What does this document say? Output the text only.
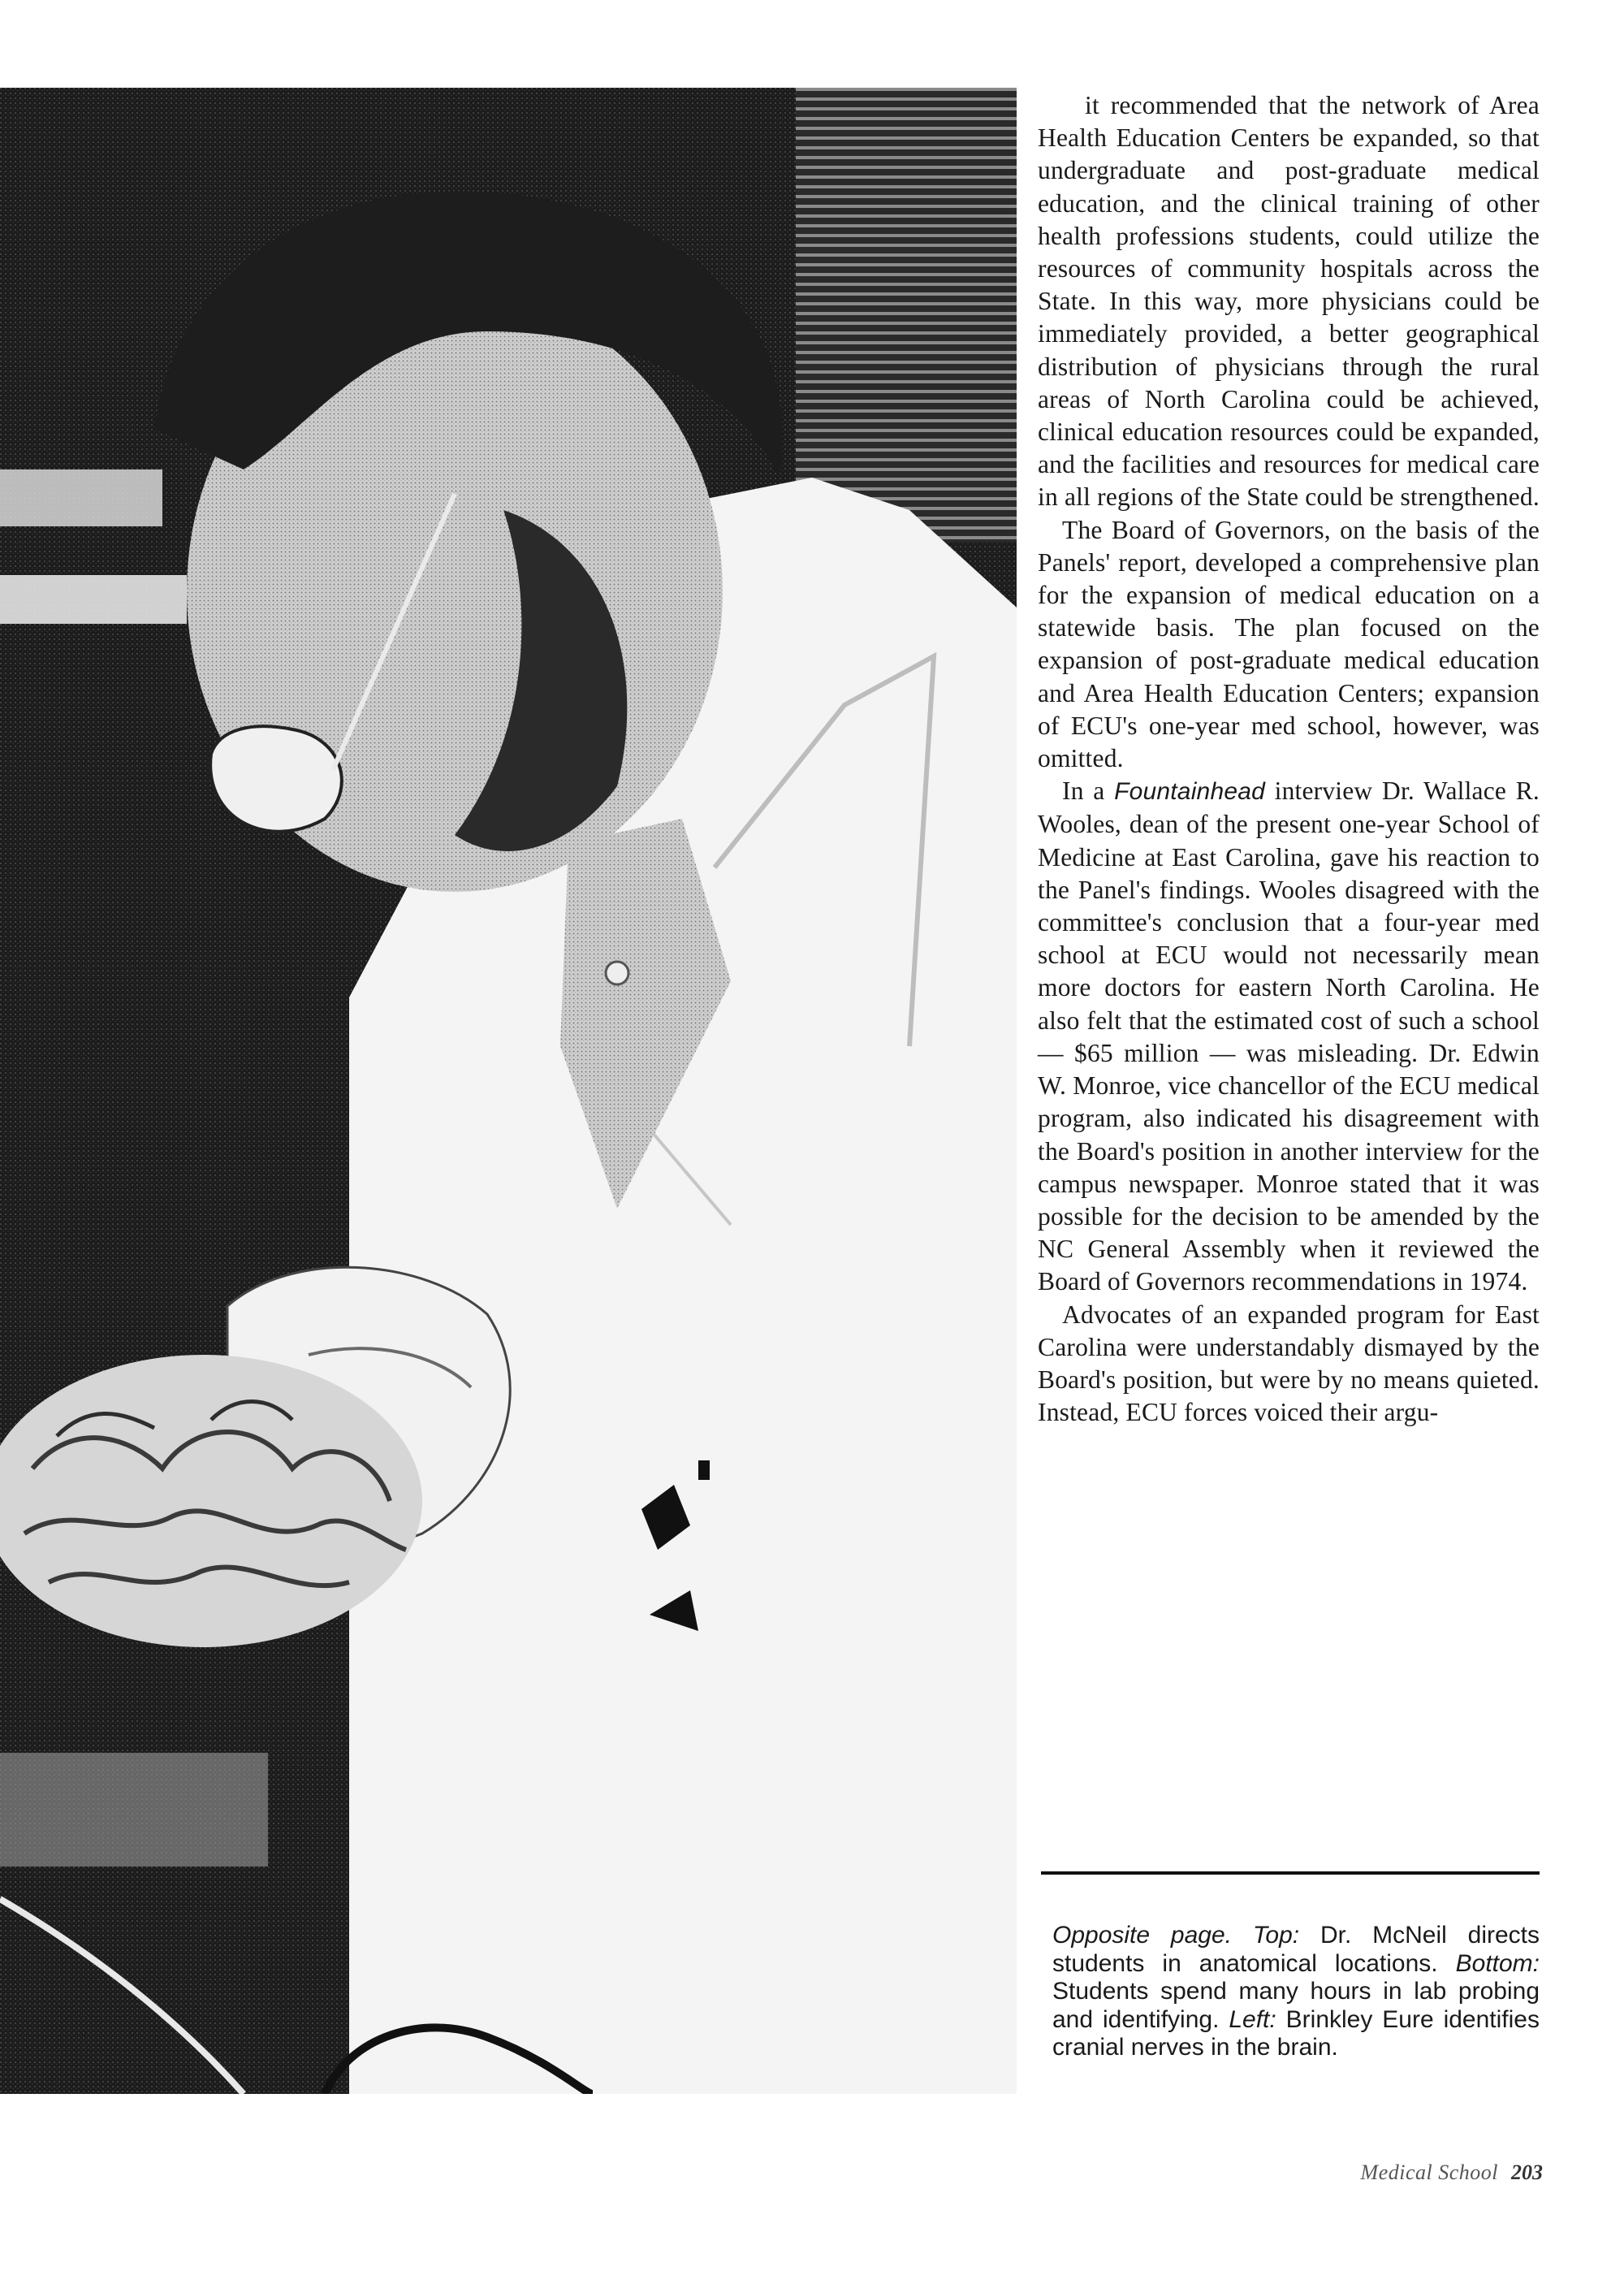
it recommended that the network of Area Health Education Centers be expanded, so that undergraduate and post-graduate medical education, and the clinical training of other health professions students, could utilize the resources of community hospitals across the State. In this way, more physicians could be immediately provided, a better geographical distribution of physicians through the rural areas of North Carolina could be achieved, clinical education resources could be expanded, and the facilities and resources for medical care in all regions of the State could be strengthened.

The Board of Governors, on the basis of the Panels' report, developed a comprehensive plan for the expansion of medical education on a statewide basis. The plan focused on the expansion of post-graduate medical education and Area Health Education Centers; expansion of ECU's one-year med school, however, was omitted.

In a Fountainhead interview Dr. Wallace R. Wooles, dean of the present one-year School of Medicine at East Carolina, gave his reaction to the Panel's findings. Wooles disagreed with the committee's conclusion that a four-year med school at ECU would not necessarily mean more doctors for eastern North Carolina. He also felt that the estimated cost of such a school — $65 million — was misleading. Dr. Edwin W. Monroe, vice chancellor of the ECU medical program, also indicated his disagreement with the Board's position in another interview for the campus newspaper. Monroe stated that it was possible for the decision to be amended by the NC General Assembly when it reviewed the Board of Governors recommendations in 1974.

Advocates of an expanded program for East Carolina were understandably dismayed by the Board's position, but were by no means quieted. Instead, ECU forces voiced their argu-

Opposite page. Top: Dr. McNeil directs students in anatomical locations. Bottom: Students spend many hours in lab probing and identifying. Left: Brinkley Eure identifies cranial nerves in the brain.
Medical School 203
